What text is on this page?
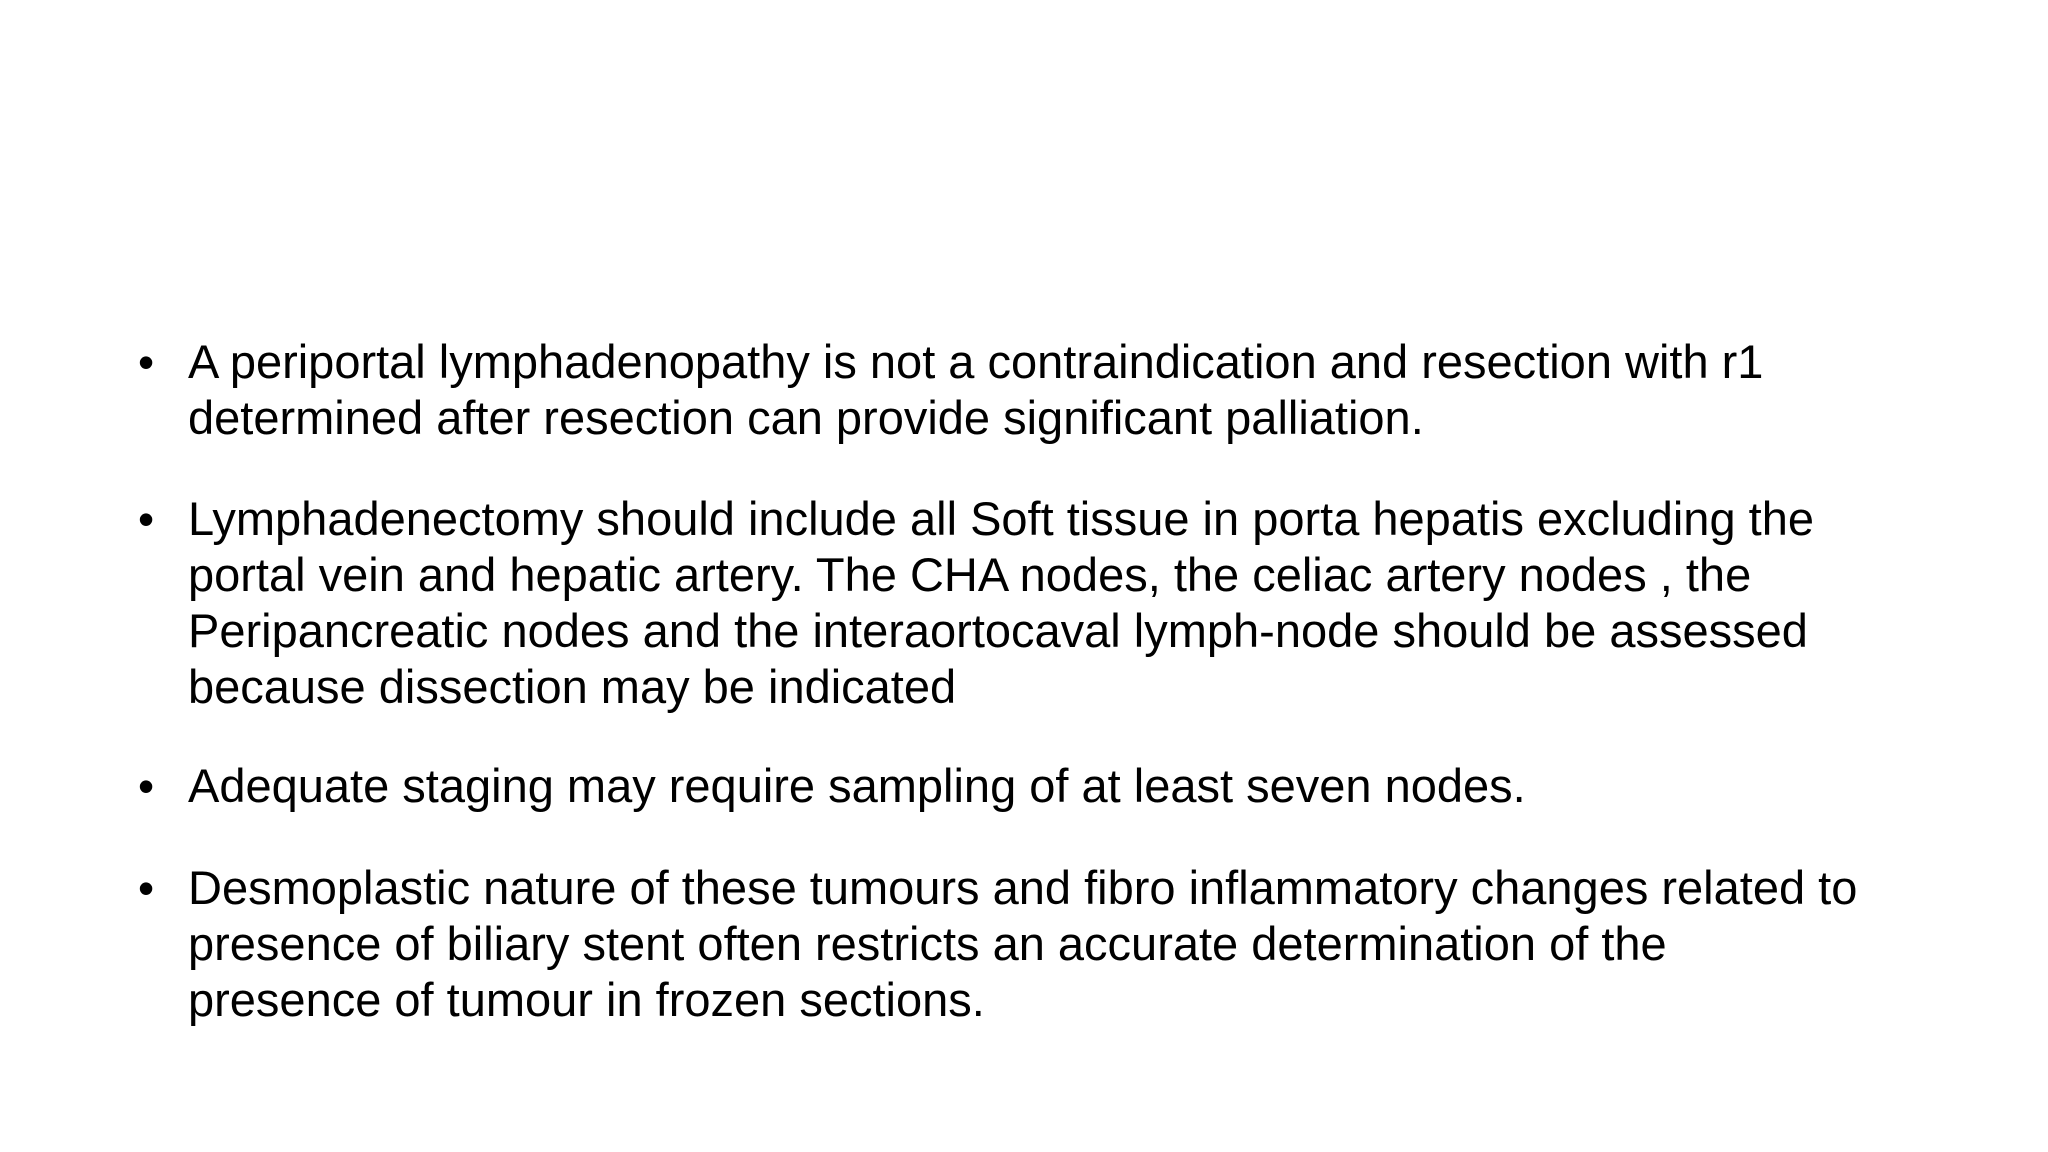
• A periportal lymphadenopathy is not a contraindication and resection with r1
determined after resection can provide significant palliation.
• Lymphadenectomy should include all Soft tissue in porta hepatis excluding the
portal vein and hepatic artery. The CHA nodes, the celiac artery nodes , the
Peripancreatic nodes and the interaortocaval lymph-node should be assessed
because dissection may be indicated
• Adequate staging may require sampling of at least seven nodes.
• Desmoplastic nature of these tumours and fibro inflammatory changes related to
presence of biliary stent often restricts an accurate determination of the
presence of tumour in frozen sections.
